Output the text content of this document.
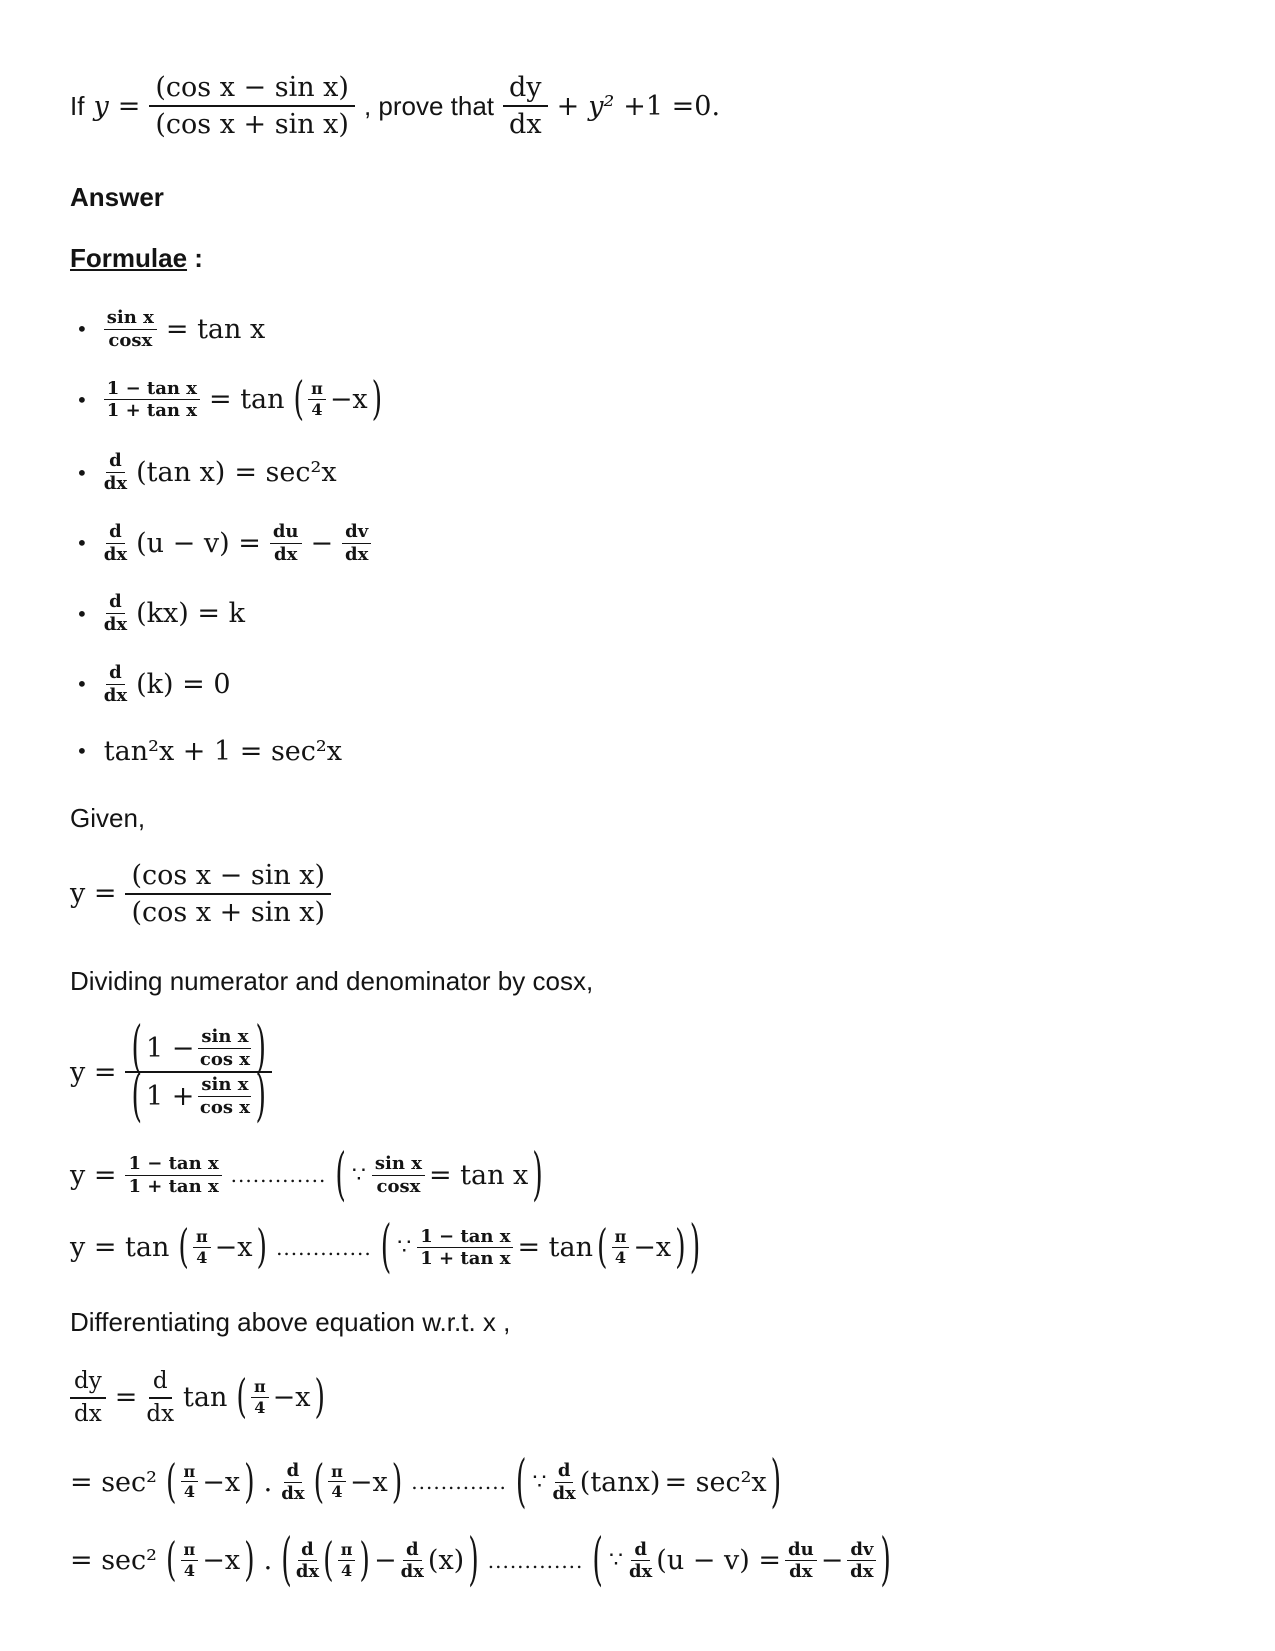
If $y = \frac{\text{(cos x − sin x)}}{\text{(cos x + sin x)}}$ , prove that $\frac{dy}{dx} + y^2 +1 =0$.
Answer
Formulae :
• $\frac{\text{sin x}}{\cos x} = \tan x$
• $\frac{\text{1 − tan x}}{\text{1 + tan x}} = \tan$ ( $\frac{\pi}{4} -x$ )
• $\frac{d}{dx} (\tan$ x) = sec²x
• $\frac{d}{dx} (u - v) = \frac{du}{dx} - \frac{dv}{dx}$
• $\frac{d}{dx} (kx) = k$
• $\frac{d}{dx} (k) = 0$
• tan²x + 1 = sec²x
Given,
$y = \frac{\text{(cos x − sin x)}}{\text{(cos x + sin x)}}$
Dividing numerator and denominator by cosx,
y = ( $1 - \frac{\text{sin x}}{\text{cos x}}$ )
( $1 + \frac{\text{sin x}}{\text{cos x}}$ )
$y = \frac{\text{1 − tan x}}{\text{1 + tan x}}$ ............. ( ∵ $\frac{\text{sin x}}{\cos x} = \tan x$ )
y = tan ( $\frac{\pi}{4} -x$ ) ............. ( ∵ $\frac{\text{1 − tan x}}{\text{1 + tan x}} = \tan$ ( $\frac{\pi}{4} -x$ ) )
Differentiating above equation w.r.t. x ,
$\frac{dy}{dx} = \frac{d}{dx}$ tan ( $\frac{\pi}{4} -x$ )
= sec² ( $\frac{\pi}{4} -x$ ) . $\frac{d}{dx}$ ( $\frac{\pi}{4} -x$ ) ............. ( ∵ $\frac{d}{dx} (\tan x) = \sec^2x$ )
= sec² ( $\frac{\pi}{4} -x$ ) . ( $\frac{d}{dx}$ ( $\frac{\pi}{4}$ ) − $\frac{d}{dx} (x)$ ) ............. ( ∵ $\frac{d}{dx} (u - v) = \frac{du}{dx} - \frac{dv}{dx}$ )
